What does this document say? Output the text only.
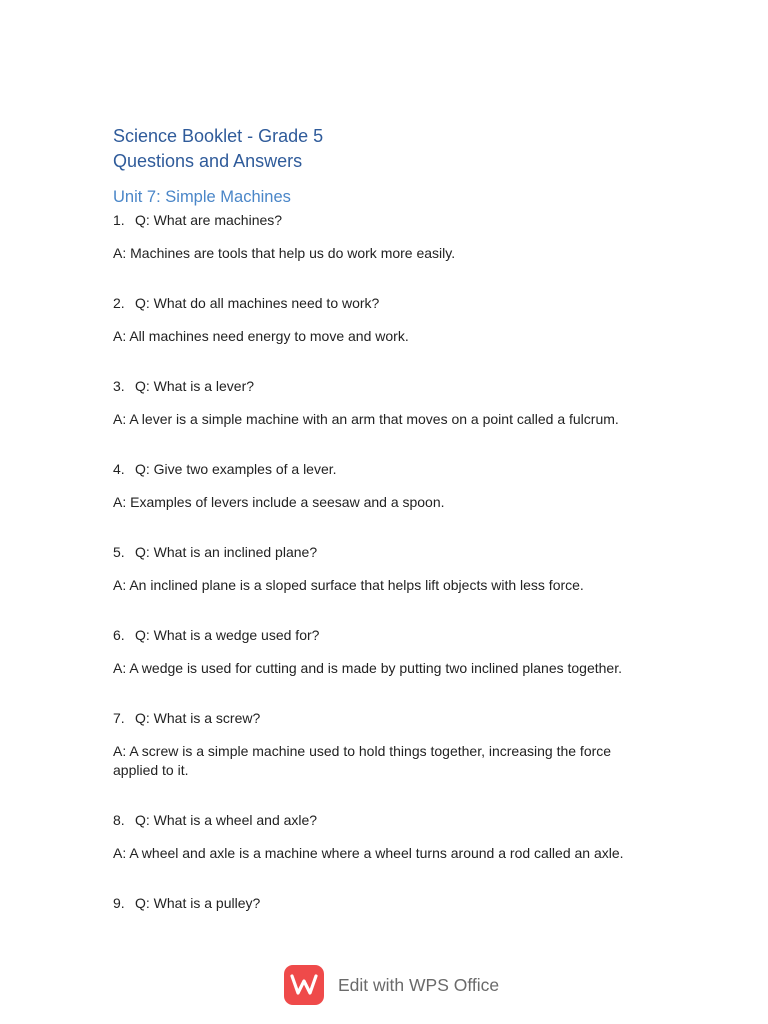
Science Booklet - Grade 5

Questions and Answers

Unit 7: Simple Machines

1. Q: What are machines?

A: Machines are tools that help us do work more easily.

2. Q: What do all machines need to work?

A: All machines need energy to move and work.

3. Q: What is a lever?

A: A lever is a simple machine with an arm that moves on a point called a fulcrum.

4. Q: Give two examples of a lever.

A: Examples of levers include a seesaw and a spoon.

5. Q: What is an inclined plane?

A: An inclined plane is a sloped surface that helps lift objects with less force.

6. Q: What is a wedge used for?

A: A wedge is used for cutting and is made by putting two inclined planes together.

7. Q: What is a screw?

A: A screw is a simple machine used to hold things together, increasing the force applied to it.

8. Q: What is a wheel and axle?

A: A wheel and axle is a machine where a wheel turns around a rod called an axle.

9. Q: What is a pulley?

Edit with WPS Office
